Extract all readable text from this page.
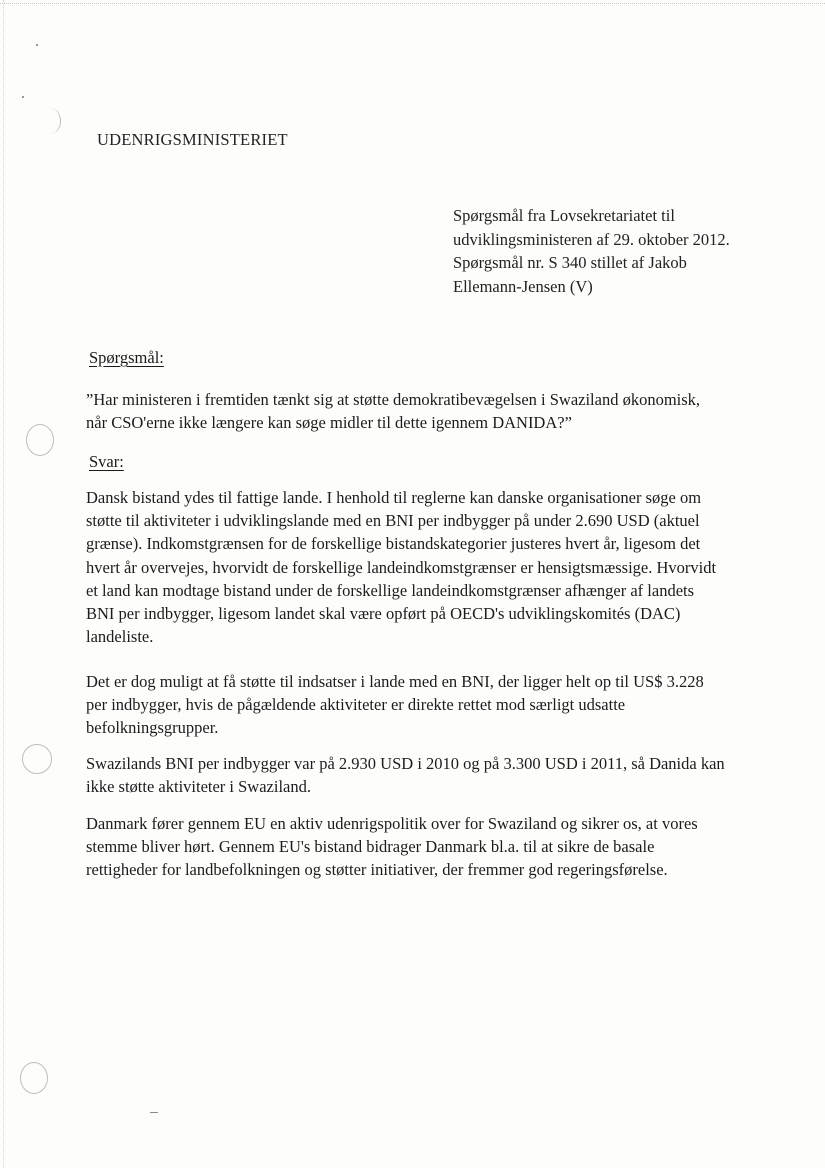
UDENRIGSMINISTERIET
Spørgsmål fra Lovsekretariatet til
udviklingsministeren af 29. oktober 2012.
Spørgsmål nr. S 340 stillet af Jakob
Ellemann-Jensen (V)
Spørgsmål:
”Har ministeren i fremtiden tænkt sig at støtte demokratibevægelsen i Swaziland økonomisk,
når CSO'erne ikke længere kan søge midler til dette igennem DANIDA?”
Svar:
Dansk bistand ydes til fattige lande. I henhold til reglerne kan danske organisationer søge om
støtte til aktiviteter i udviklingslande med en BNI per indbygger på under 2.690 USD (aktuel
grænse). Indkomstgrænsen for de forskellige bistandskategorier justeres hvert år, ligesom det
hvert år overvejes, hvorvidt de forskellige landeindkomstgrænser er hensigtsmæssige. Hvorvidt
et land kan modtage bistand under de forskellige landeindkomstgrænser afhænger af landets
BNI per indbygger, ligesom landet skal være opført på OECD's udviklingskomités (DAC)
landeliste.
Det er dog muligt at få støtte til indsatser i lande med en BNI, der ligger helt op til US$ 3.228
per indbygger, hvis de pågældende aktiviteter er direkte rettet mod særligt udsatte
befolkningsgrupper.
Swazilands BNI per indbygger var på 2.930 USD i 2010 og på 3.300 USD i 2011, så Danida kan
ikke støtte aktiviteter i Swaziland.
Danmark fører gennem EU en aktiv udenrigspolitik over for Swaziland og sikrer os, at vores
stemme bliver hørt. Gennem EU's bistand bidrager Danmark bl.a. til at sikre de basale
rettigheder for landbefolkningen og støtter initiativer, der fremmer god regeringsførelse.
